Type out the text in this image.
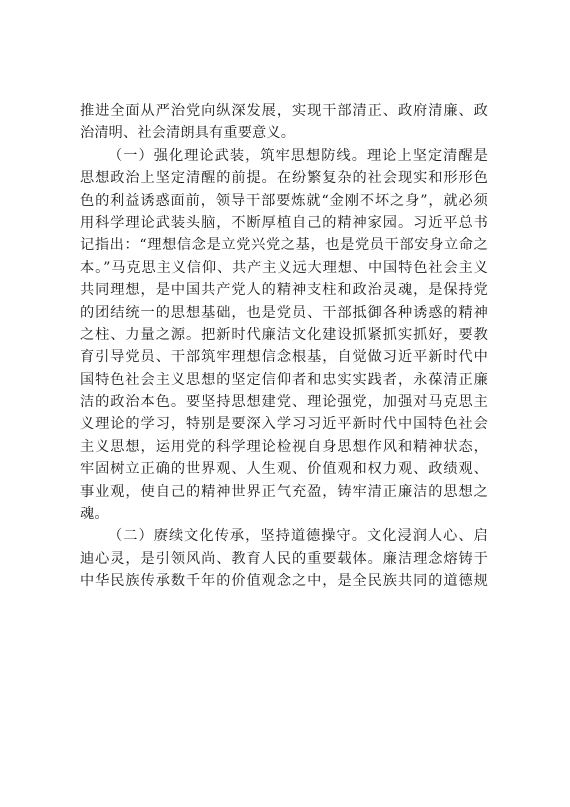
推进全面从严治党向纵深发展，实现干部清正、政府清廉、政
治清明、社会清朗具有重要意义。
（一）强化理论武装，筑牢思想防线。理论上坚定清醒是
思想政治上坚定清醒的前提。在纷繁复杂的社会现实和形形色
色的利益诱惑面前，领导干部要炼就“金刚不坏之身”，就必须
用科学理论武装头脑，不断厚植自己的精神家园。习近平总书
记指出：“理想信念是立党兴党之基，也是党员干部安身立命之
本。”马克思主义信仰、共产主义远大理想、中国特色社会主义
共同理想，是中国共产党人的精神支柱和政治灵魂，是保持党
的团结统一的思想基础，也是党员、干部抵御各种诱惑的精神
之柱、力量之源。把新时代廉洁文化建设抓紧抓实抓好，要教
育引导党员、干部筑牢理想信念根基，自觉做习近平新时代中
国特色社会主义思想的坚定信仰者和忠实实践者，永葆清正廉
洁的政治本色。要坚持思想建党、理论强党，加强对马克思主
义理论的学习，特别是要深入学习习近平新时代中国特色社会
主义思想，运用党的科学理论检视自身思想作风和精神状态，
牢固树立正确的世界观、人生观、价值观和权力观、政绩观、
事业观，使自己的精神世界正气充盈，铸牢清正廉洁的思想之
魂。
（二）赓续文化传承，坚持道德操守。文化浸润人心、启
迪心灵，是引领风尚、教育人民的重要载体。廉洁理念熔铸于
中华民族传承数千年的价值观念之中，是全民族共同的道德规
